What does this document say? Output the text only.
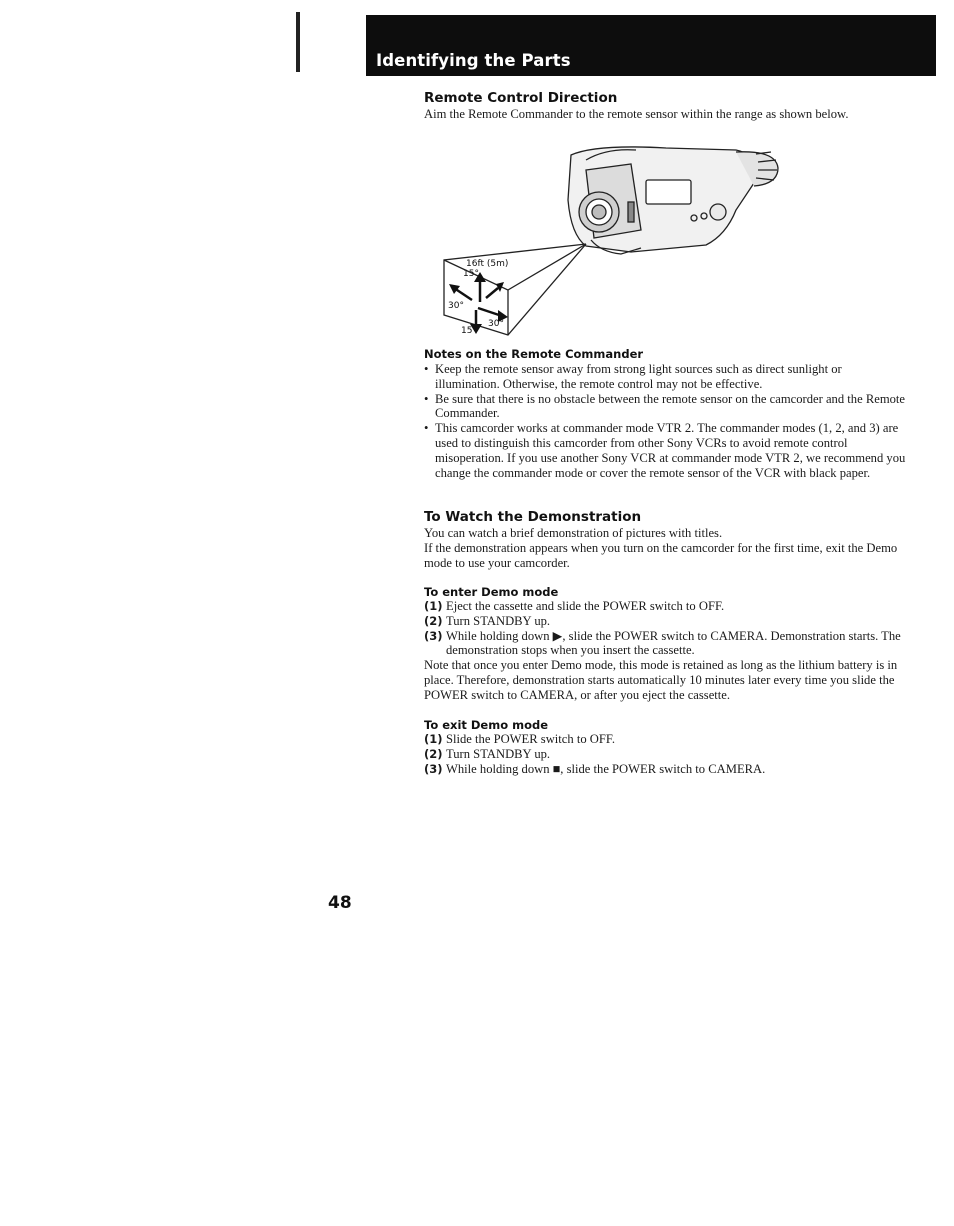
Identifying the Parts
Remote Control Direction

Aim the Remote Commander to the remote sensor within the range as shown below.

Notes on the Remote Commander
• Keep the remote sensor away from strong light sources such as direct sunlight or illumination. Otherwise, the remote control may not be effective.
• Be sure that there is no obstacle between the remote sensor on the camcorder and the Remote Commander.
• This camcorder works at commander mode VTR 2. The commander modes (1, 2, and 3) are used to distinguish this camcorder from other Sony VCRs to avoid remote control misoperation. If you use another Sony VCR at commander mode VTR 2, we recommend you change the commander mode or cover the remote sensor of the VCR with black paper.
To Watch the Demonstration

You can watch a brief demonstration of pictures with titles.

If the demonstration appears when you turn on the camcorder for the first time, exit the Demo mode to use your camcorder.

To enter Demo mode
(1) Eject the cassette and slide the POWER switch to OFF.
(2) Turn STANDBY up.
(3) While holding down ▶, slide the POWER switch to CAMERA. Demonstration starts. The demonstration stops when you insert the cassette.

Note that once you enter Demo mode, this mode is retained as long as the lithium battery is in place. Therefore, demonstration starts automatically 10 minutes later every time you slide the POWER switch to CAMERA, or after you eject the cassette.

To exit Demo mode
(1) Slide the POWER switch to OFF.
(2) Turn STANDBY up.
(3) While holding down ■, slide the POWER switch to CAMERA.
16ft (5m)
15°
30°
30°
15°

48
